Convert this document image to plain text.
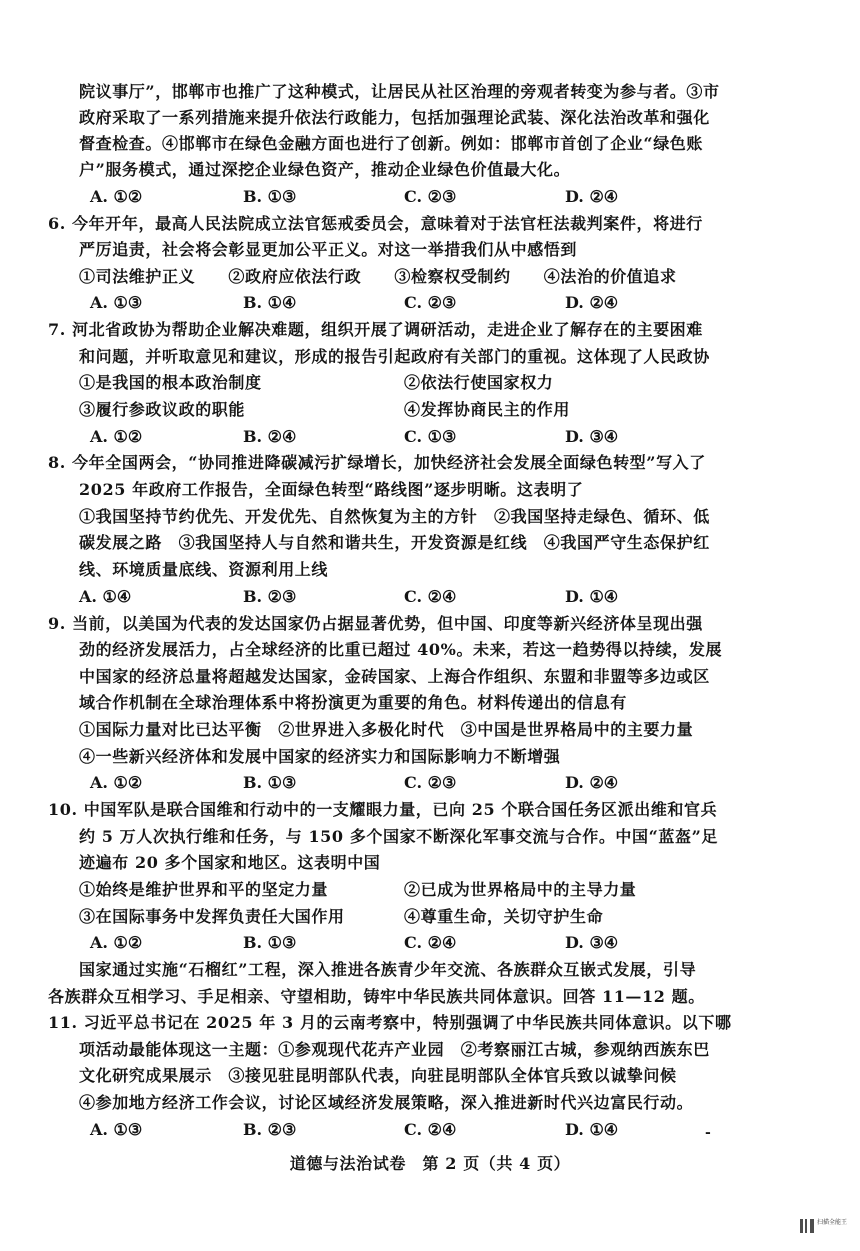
院议事厅”，邯郸市也推广了这种模式，让居民从社区治理的旁观者转变为参与者。③市
政府采取了一系列措施来提升依法行政能力，包括加强理论武装、深化法治改革和强化
督查检查。④邯郸市在绿色金融方面也进行了创新。例如：邯郸市首创了企业“绿色账
户”服务模式，通过深挖企业绿色资产，推动企业绿色价值最大化。
A. ①②	B. ①③	C. ②③	D. ②④
6. 今年开年，最高人民法院成立法官惩戒委员会，意味着对于法官枉法裁判案件，将进行
严厉追责，社会将会彰显更加公平正义。对这一举措我们从中感悟到
①司法维护正义　　②政府应依法行政　　③检察权受制约　　④法治的价值追求
A. ①③	B. ①④	C. ②③	D. ②④
7. 河北省政协为帮助企业解决难题，组织开展了调研活动，走进企业了解存在的主要困难
和问题，并听取意见和建议，形成的报告引起政府有关部门的重视。这体现了人民政协
①是我国的根本政治制度	②依法行使国家权力
③履行参政议政的职能	④发挥协商民主的作用
A. ①②	B. ②④	C. ①③	D. ③④
8. 今年全国两会，“协同推进降碳减污扩绿增长，加快经济社会发展全面绿色转型”写入了
2025 年政府工作报告，全面绿色转型“路线图”逐步明晰。这表明了
①我国坚持节约优先、开发优先、自然恢复为主的方针　②我国坚持走绿色、循环、低
碳发展之路　③我国坚持人与自然和谐共生，开发资源是红线　④我国严守生态保护红
线、环境质量底线、资源利用上线
A. ①④	B. ②③	C. ②④	D. ①④
9. 当前，以美国为代表的发达国家仍占据显著优势，但中国、印度等新兴经济体呈现出强
劲的经济发展活力，占全球经济的比重已超过 40%。未来，若这一趋势得以持续，发展
中国家的经济总量将超越发达国家，金砖国家、上海合作组织、东盟和非盟等多边或区
域合作机制在全球治理体系中将扮演更为重要的角色。材料传递出的信息有
①国际力量对比已达平衡　②世界进入多极化时代　③中国是世界格局中的主要力量
④一些新兴经济体和发展中国家的经济实力和国际影响力不断增强
A. ①②	B. ①③	C. ②③	D. ②④
10. 中国军队是联合国维和行动中的一支耀眼力量，已向 25 个联合国任务区派出维和官兵
约 5 万人次执行维和任务，与 150 多个国家不断深化军事交流与合作。中国“蓝盔”足
迹遍布 20 多个国家和地区。这表明中国
①始终是维护世界和平的坚定力量	②已成为世界格局中的主导力量
③在国际事务中发挥负责任大国作用	④尊重生命，关切守护生命
A. ①②	B. ①③	C. ②④	D. ③④
国家通过实施“石榴红”工程，深入推进各族青少年交流、各族群众互嵌式发展，引导
各族群众互相学习、手足相亲、守望相助，铸牢中华民族共同体意识。回答 11—12 题。
11. 习近平总书记在 2025 年 3 月的云南考察中，特别强调了中华民族共同体意识。以下哪
项活动最能体现这一主题：①参观现代花卉产业园　②考察丽江古城，参观纳西族东巴
文化研究成果展示　③接见驻昆明部队代表，向驻昆明部队全体官兵致以诚挚问候
④参加地方经济工作会议，讨论区域经济发展策略，深入推进新时代兴边富民行动。
A. ①③	B. ②③	C. ②④	D. ①④	-
道德与法治试卷　第 2 页（共 4 页）
扫描全能王
